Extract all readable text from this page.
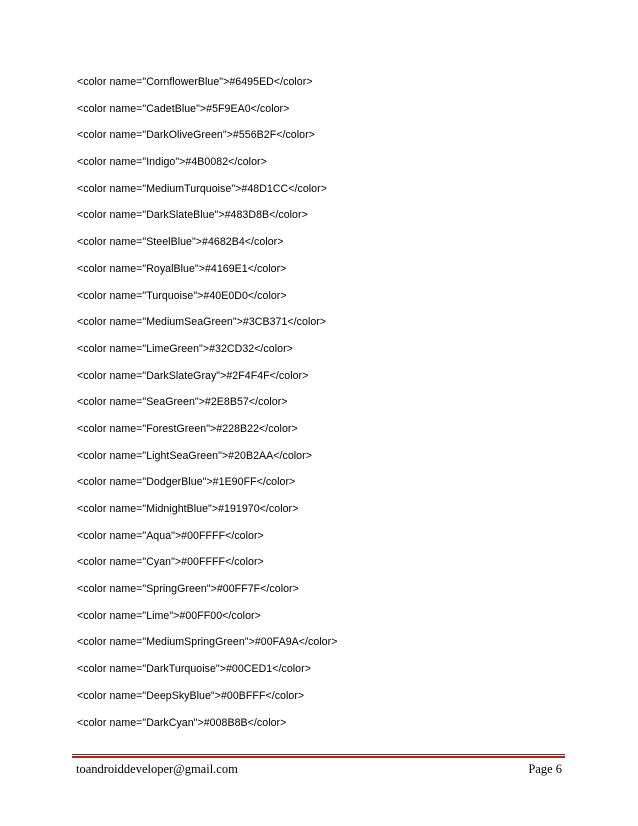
<color name="CornflowerBlue">#6495ED</color>
<color name="CadetBlue">#5F9EA0</color>
<color name="DarkOliveGreen">#556B2F</color>
<color name="Indigo">#4B0082</color>
<color name="MediumTurquoise">#48D1CC</color>
<color name="DarkSlateBlue">#483D8B</color>
<color name="SteelBlue">#4682B4</color>
<color name="RoyalBlue">#4169E1</color>
<color name="Turquoise">#40E0D0</color>
<color name="MediumSeaGreen">#3CB371</color>
<color name="LimeGreen">#32CD32</color>
<color name="DarkSlateGray">#2F4F4F</color>
<color name="SeaGreen">#2E8B57</color>
<color name="ForestGreen">#228B22</color>
<color name="LightSeaGreen">#20B2AA</color>
<color name="DodgerBlue">#1E90FF</color>
<color name="MidnightBlue">#191970</color>
<color name="Aqua">#00FFFF</color>
<color name="Cyan">#00FFFF</color>
<color name="SpringGreen">#00FF7F</color>
<color name="Lime">#00FF00</color>
<color name="MediumSpringGreen">#00FA9A</color>
<color name="DarkTurquoise">#00CED1</color>
<color name="DeepSkyBlue">#00BFFF</color>
<color name="DarkCyan">#008B8B</color>
toandroiddeveloper@gmail.com	Page 6
